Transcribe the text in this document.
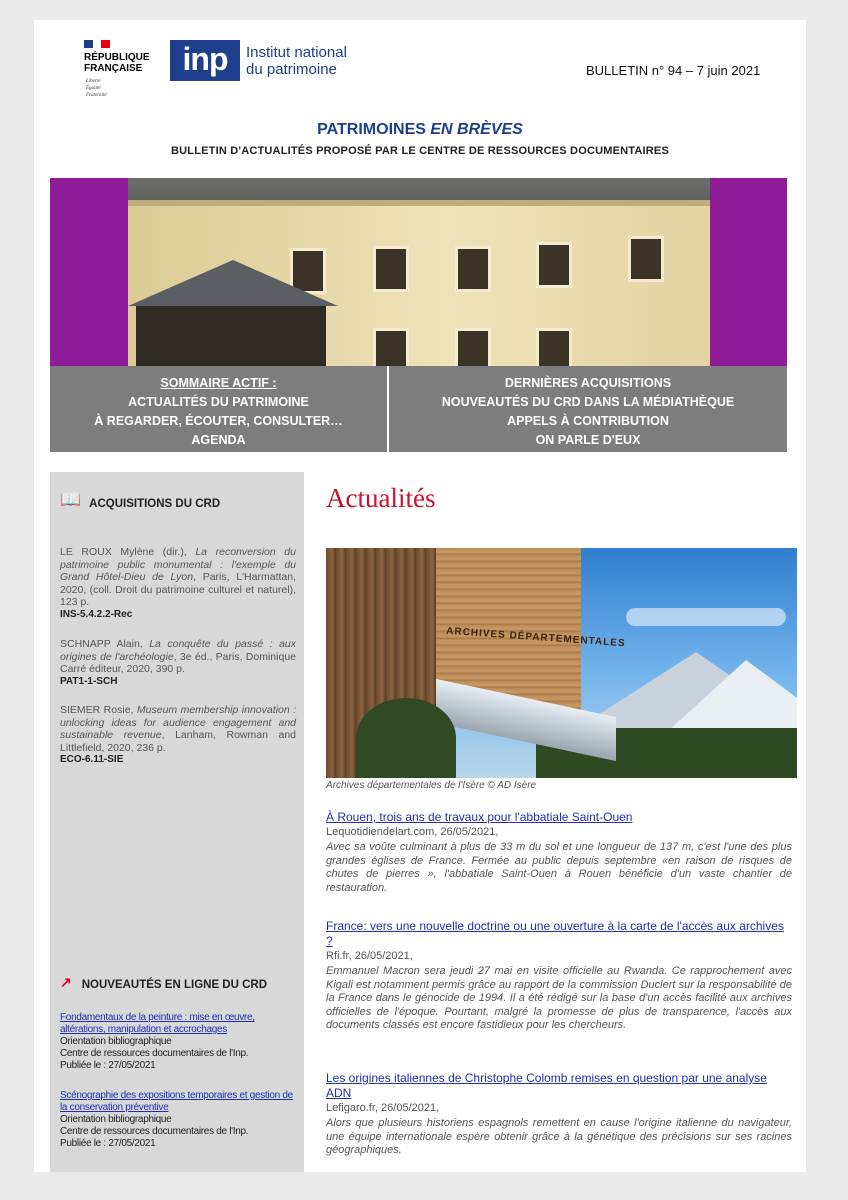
RÉPUBLIQUE
FRANÇAISE
Liberté
Égalité
Fraternité
inp	Institut national
du patrimoine	BULLETIN n° 94 – 7 juin 2021
PATRIMOINES EN BRÈVES
BULLETIN D'ACTUALITÉS PROPOSÉ PAR LE CENTRE DE RESSOURCES DOCUMENTAIRES
SOMMAIRE ACTIF :
ACTUALITÉS DU PATRIMOINE
À REGARDER, ÉCOUTER, CONSULTER…
AGENDA
DERNIÈRES ACQUISITIONS
NOUVEAUTÉS DU CRD DANS LA MÉDIATHÈQUE
APPELS À CONTRIBUTION
ON PARLE D'EUX
📖 ACQUISITIONS DU CRD
LE ROUX Mylène (dir.), La reconversion du patrimoine public monumental : l'exemple du Grand Hôtel-Dieu de Lyon, Paris, L'Harmattan, 2020, (coll. Droit du patrimoine culturel et naturel), 123 p.
INS-5.4.2.2-Rec
SCHNAPP Alain, La conquête du passé : aux origines de l'archéologie, 3e éd., Paris, Dominique Carré éditeur, 2020, 390 p.
PAT1-1-SCH
SIEMER Rosie, Museum membership innovation : unlocking ideas for audience engagement and sustainable revenue, Lanham, Rowman and Littlefield, 2020, 236 p.
ECO-6.11-SIE
↗ NOUVEAUTÉS EN LIGNE DU CRD
Fondamentaux de la peinture : mise en œuvre, altérations, manipulation et accrochages
Orientation bibliographique
Centre de ressources documentaires de l'Inp.
Publiée le : 27/05/2021
Scénographie des expositions temporaires et gestion de la conservation préventive
Orientation bibliographique
Centre de ressources documentaires de l'Inp.
Publiée le : 27/05/2021
Actualités
ARCHIVES DÉPARTEMENTALES
Archives départementales de l'Isère © AD Isère
À Rouen, trois ans de travaux pour l'abbatiale Saint-Ouen
Lequotidiendelart.com, 26/05/2021,
Avec sa voûte culminant à plus de 33 m du sol et une longueur de 137 m, c'est l'une des plus grandes églises de France. Fermée au public depuis septembre «en raison de risques de chutes de pierres », l'abbatiale Saint-Ouen à Rouen bénéficie d'un vaste chantier de restauration.
France: vers une nouvelle doctrine ou une ouverture à la carte de l'accès aux archives ?
Rfi.fr, 26/05/2021,
Emmanuel Macron sera jeudi 27 mai en visite officielle au Rwanda. Ce rapprochement avec Kigali est notamment permis grâce au rapport de la commission Duclert sur la responsabilité de la France dans le génocide de 1994. Il a été rédigé sur la base d'un accès facilité aux archives officielles de l'époque. Pourtant, malgré la promesse de plus de transparence, l'accès aux documents classés est encore fastidieux pour les chercheurs.
Les origines italiennes de Christophe Colomb remises en question par une analyse ADN
Lefigaro.fr, 26/05/2021,
Alors que plusieurs historiens espagnols remettent en cause l'origine italienne du navigateur, une équipe internationale espère obtenir grâce à la génétique des précisions sur ses racines géographiques.
